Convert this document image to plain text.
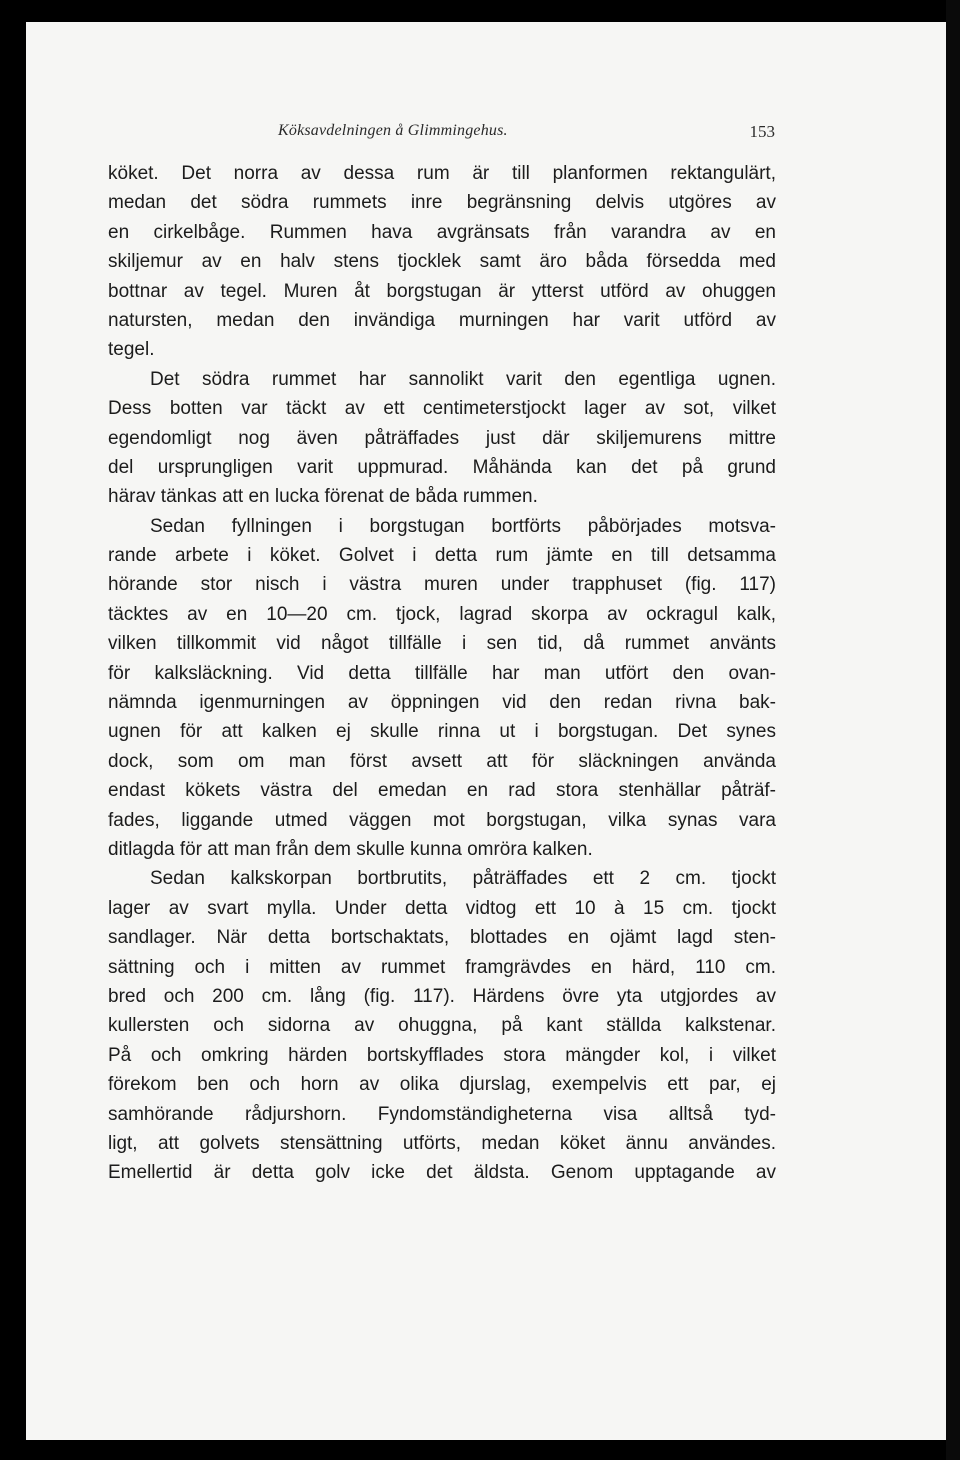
Köksavdelningen å Glimmingehus.	153
köket. Det norra av dessa rum är till planformen rektangulärt,
medan det södra rummets inre begränsning delvis utgöres av
en cirkelbåge. Rummen hava avgränsats från varandra av en
skiljemur av en halv stens tjocklek samt äro båda försedda med
bottnar av tegel. Muren åt borgstugan är ytterst utförd av ohuggen
natursten, medan den invändiga murningen har varit utförd av
tegel.
Det södra rummet har sannolikt varit den egentliga ugnen.
Dess botten var täckt av ett centimeterstjockt lager av sot, vilket
egendomligt nog även påträffades just där skiljemurens mittre
del ursprungligen varit uppmurad. Måhända kan det på grund
härav tänkas att en lucka förenat de båda rummen.
Sedan fyllningen i borgstugan bortförts påbörjades motsva-
rande arbete i köket. Golvet i detta rum jämte en till detsamma
hörande stor nisch i västra muren under trapphuset (fig. 117)
täcktes av en 10—20 cm. tjock, lagrad skorpa av ockragul kalk,
vilken tillkommit vid något tillfälle i sen tid, då rummet använts
för kalksläckning. Vid detta tillfälle har man utfört den ovan-
nämnda igenmurningen av öppningen vid den redan rivna bak-
ugnen för att kalken ej skulle rinna ut i borgstugan. Det synes
dock, som om man först avsett att för släckningen använda
endast kökets västra del emedan en rad stora stenhällar påträf-
fades, liggande utmed väggen mot borgstugan, vilka synas vara
ditlagda för att man från dem skulle kunna omröra kalken.
Sedan kalkskorpan bortbrutits, påträffades ett 2 cm. tjockt
lager av svart mylla. Under detta vidtog ett 10 à 15 cm. tjockt
sandlager. När detta bortschaktats, blottades en ojämt lagd sten-
sättning och i mitten av rummet framgrävdes en härd, 110 cm.
bred och 200 cm. lång (fig. 117). Härdens övre yta utgjordes av
kullersten och sidorna av ohuggna, på kant ställda kalkstenar.
På och omkring härden bortskyfflades stora mängder kol, i vilket
förekom ben och horn av olika djurslag, exempelvis ett par, ej
samhörande rådjurshorn. Fyndomständigheterna visa alltså tyd-
ligt, att golvets stensättning utförts, medan köket ännu användes.
Emellertid är detta golv icke det äldsta. Genom upptagande av
